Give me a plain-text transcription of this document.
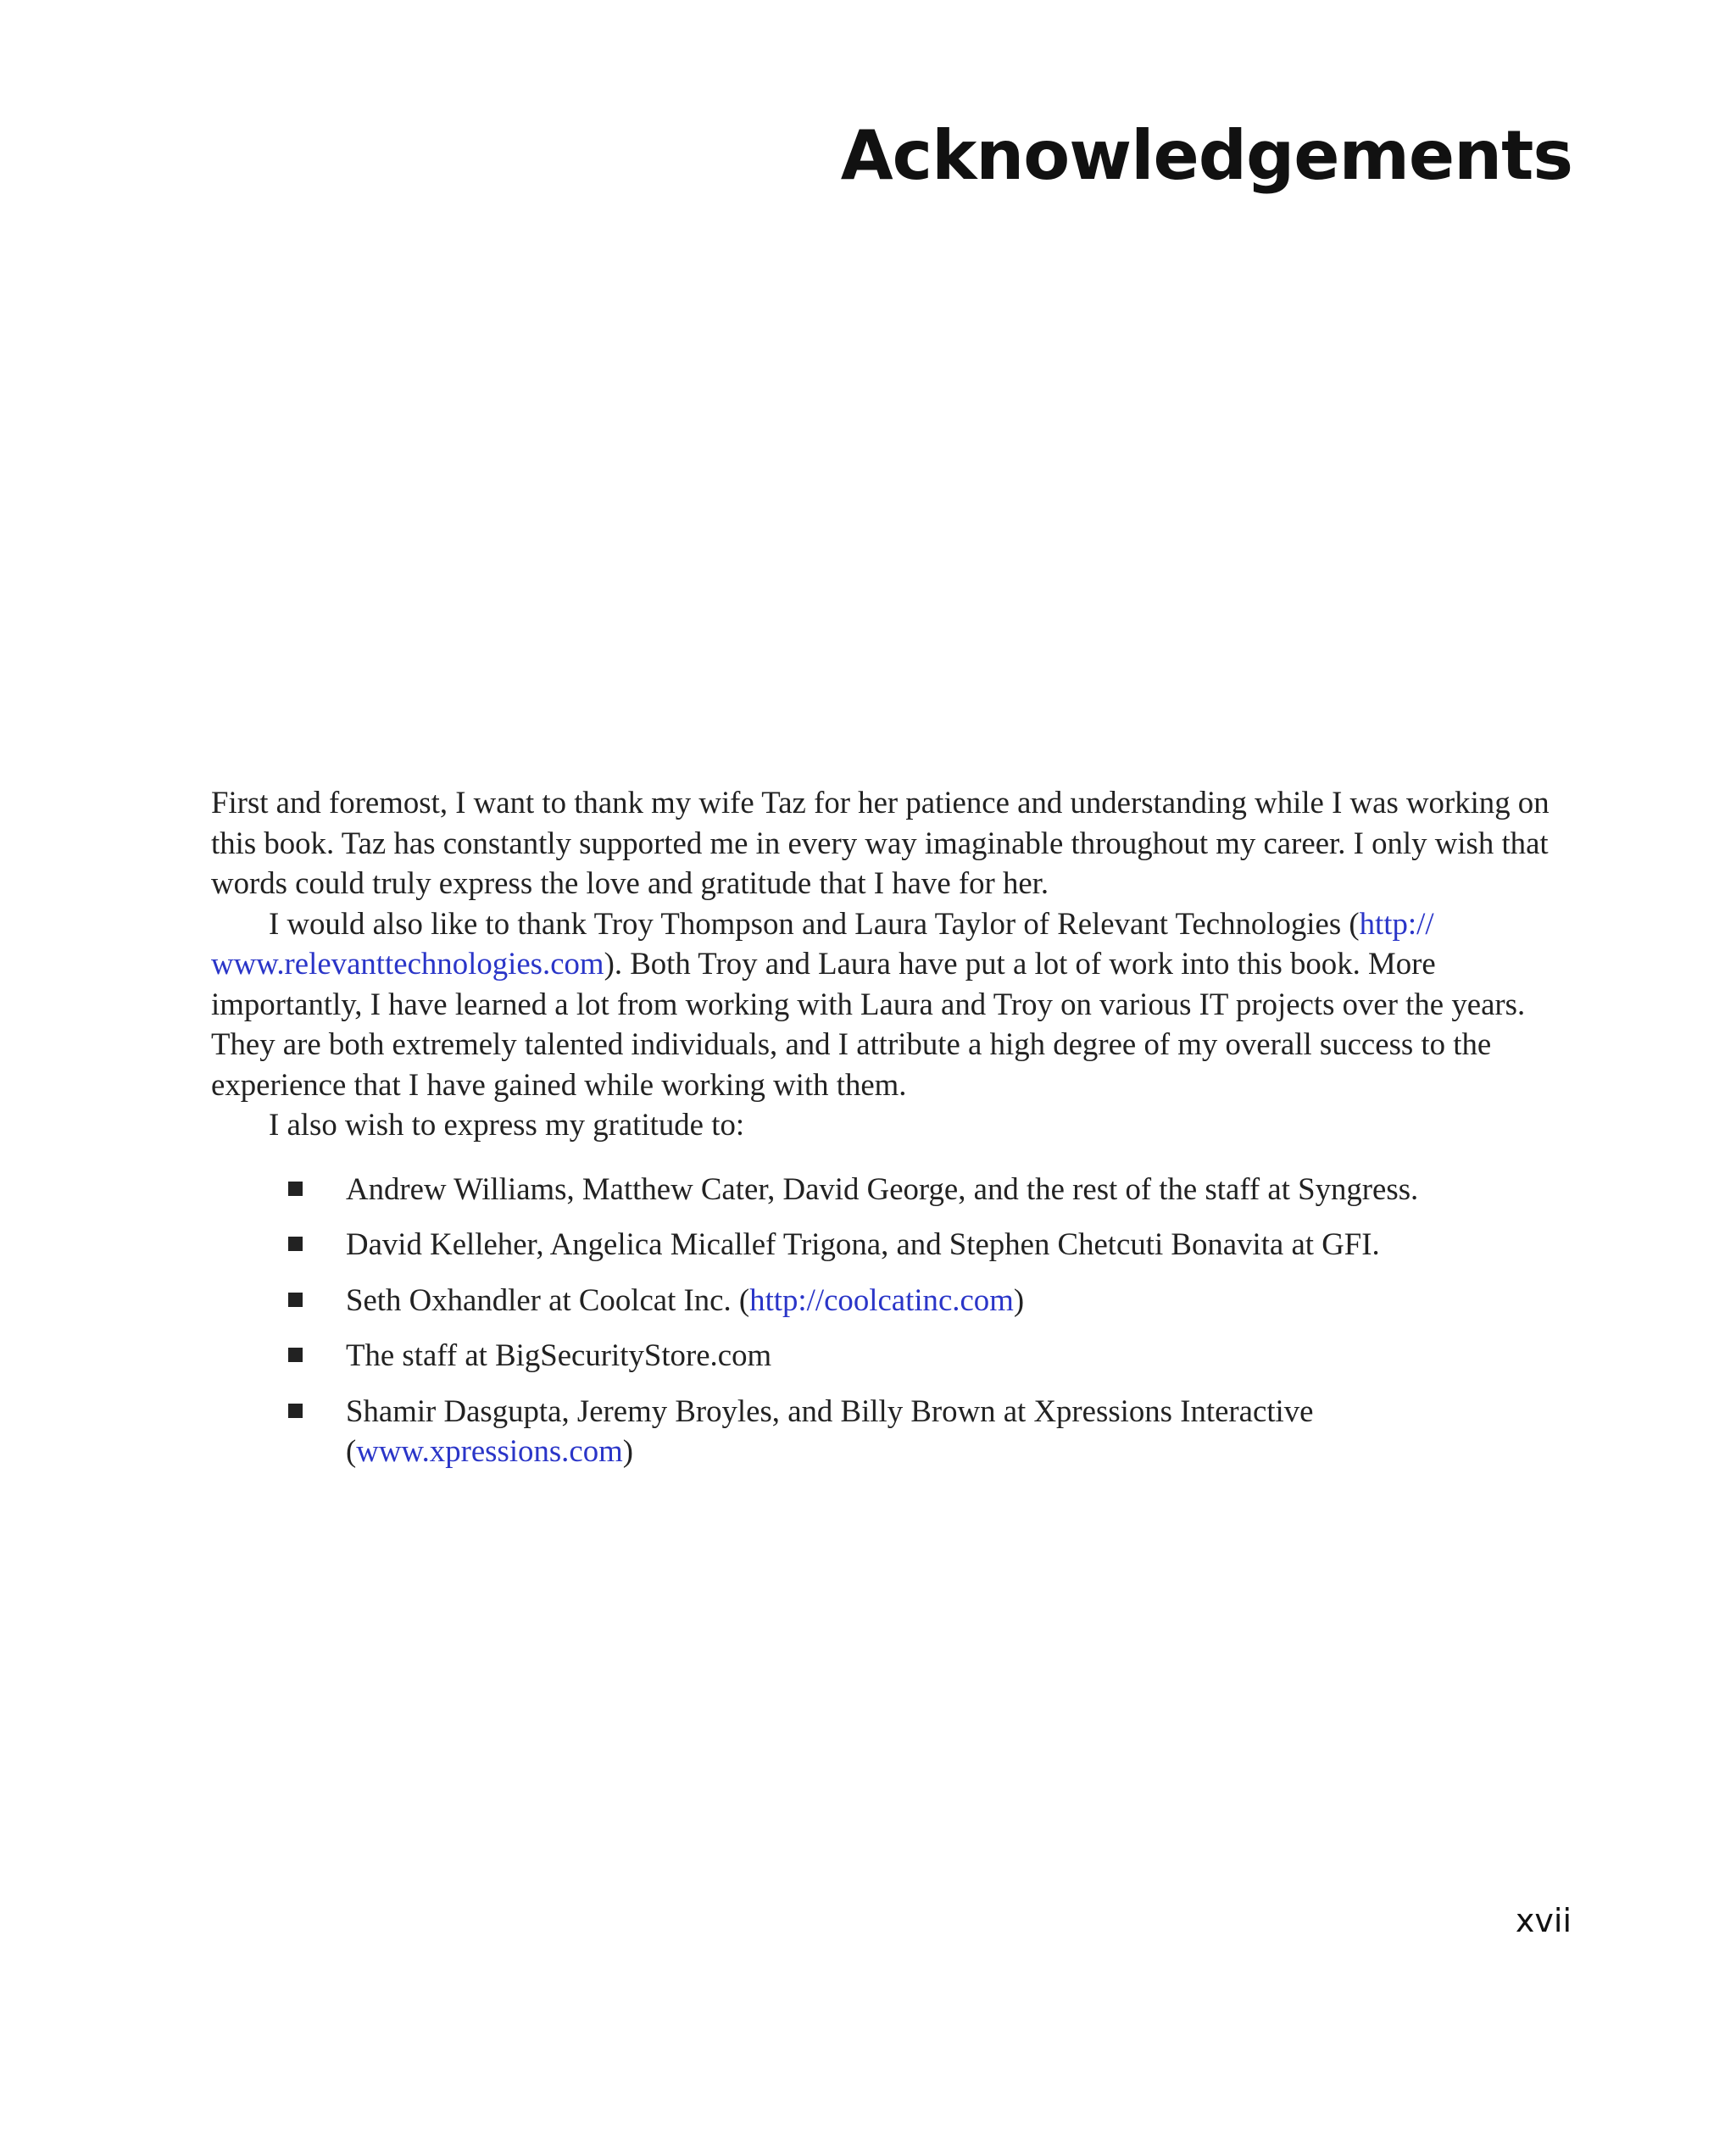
Acknowledgements

First and foremost, I want to thank my wife Taz for her patience and understanding while I was working on this book. Taz has constantly supported me in every way imaginable throughout my career. I only wish that words could truly express the love and gratitude that I have for her.

I would also like to thank Troy Thompson and Laura Taylor of Relevant Technologies (http:// www.relevanttechnologies.com). Both Troy and Laura have put a lot of work into this book. More importantly, I have learned a lot from working with Laura and Troy on various IT projects over the years. They are both extremely talented individuals, and I attribute a high degree of my overall success to the experience that I have gained while working with them.

I also wish to express my gratitude to:

Andrew Williams, Matthew Cater, David George, and the rest of the staff at Syngress.
David Kelleher, Angelica Micallef Trigona, and Stephen Chetcuti Bonavita at GFI.
Seth Oxhandler at Coolcat Inc. (http://coolcatinc.com)
The staff at BigSecurityStore.com
Shamir Dasgupta, Jeremy Broyles, and Billy Brown at Xpressions Interactive (www.xpressions.com)
xvii
